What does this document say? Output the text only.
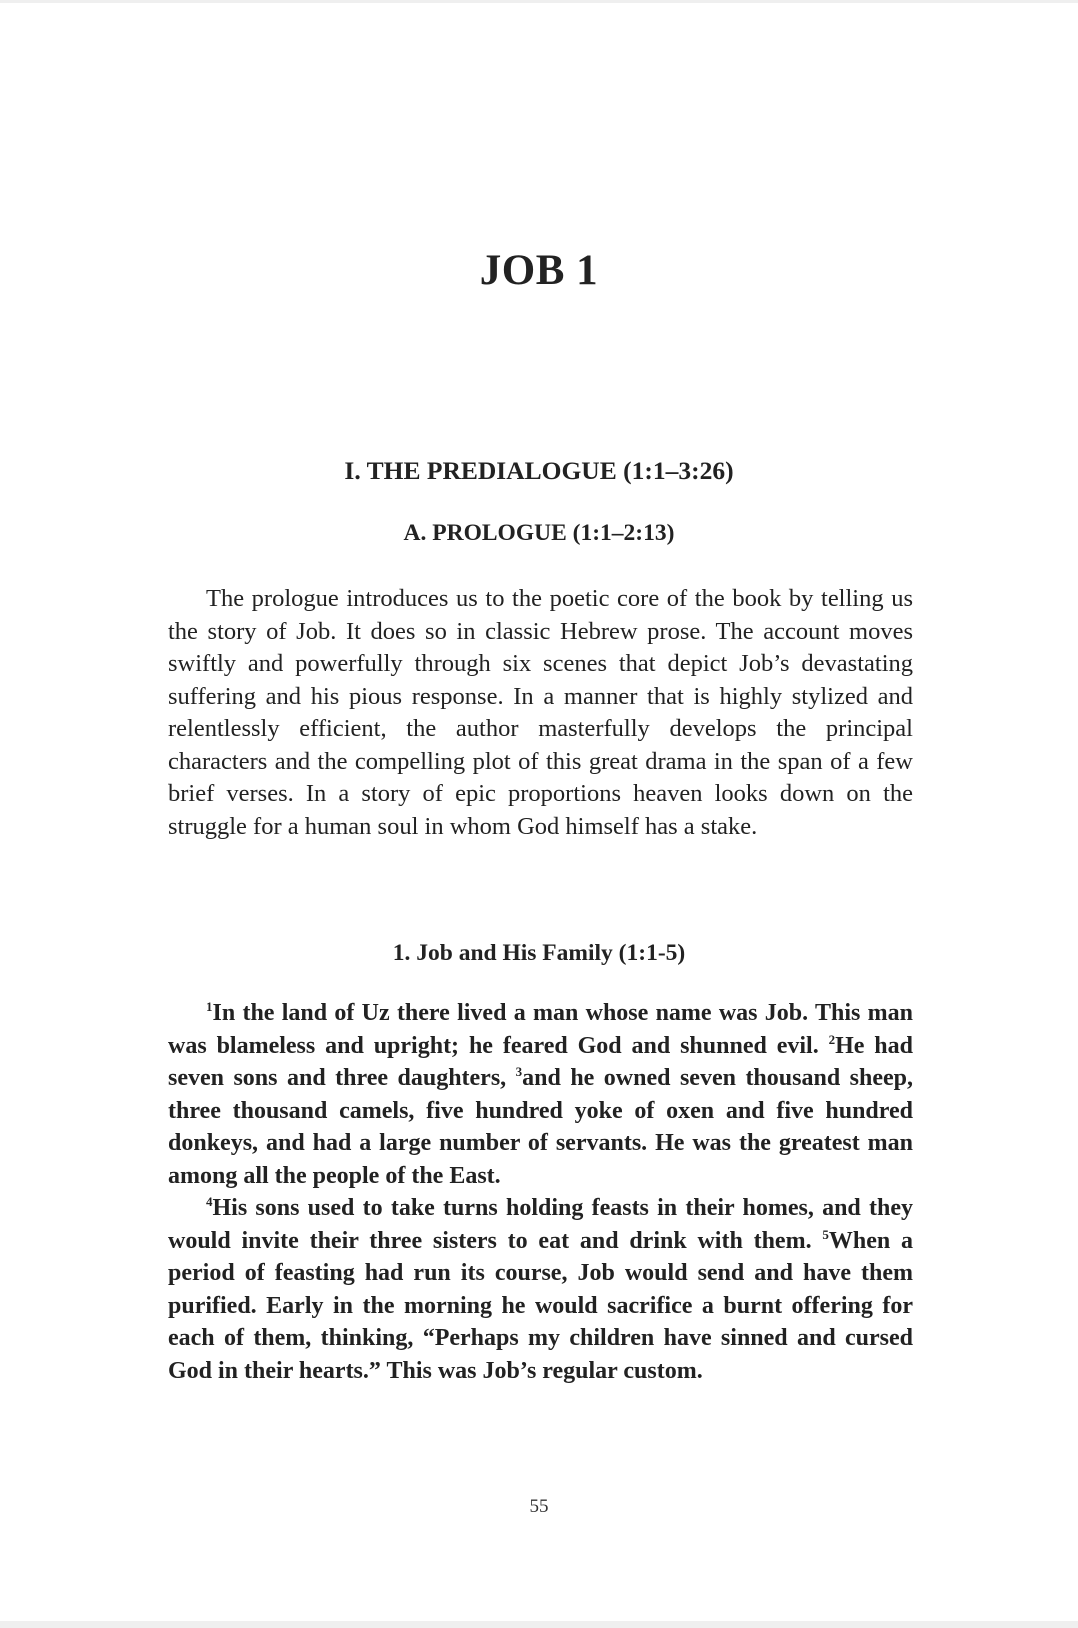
JOB 1
I. THE PREDIALOGUE (1:1–3:26)
A. PROLOGUE (1:1–2:13)

The prologue introduces us to the poetic core of the book by telling us the story of Job. It does so in classic Hebrew prose. The account moves swiftly and powerfully through six scenes that depict Job’s devastating suffering and his pious response. In a manner that is highly stylized and relentlessly efficient, the author masterfully develops the principal characters and the compelling plot of this great drama in the span of a few brief verses. In a story of epic proportions heaven looks down on the struggle for a human soul in whom God himself has a stake.

1. Job and His Family (1:1-5)

$^1$In the land of Uz there lived a man whose name was Job. This man was blameless and upright; he feared God and shunned evil. $^2$He had seven sons and three daughters, $^3$and he owned seven thousand sheep, three thousand camels, five hundred yoke of oxen and five hundred donkeys, and had a large number of servants. He was the greatest man among all the people of the East.

$^4$His sons used to take turns holding feasts in their homes, and they would invite their three sisters to eat and drink with them. $^5$When a period of feasting had run its course, Job would send and have them purified. Early in the morning he would sacrifice a burnt offering for each of them, thinking, “Perhaps my children have sinned and cursed God in their hearts.” This was Job’s regular custom.

55
